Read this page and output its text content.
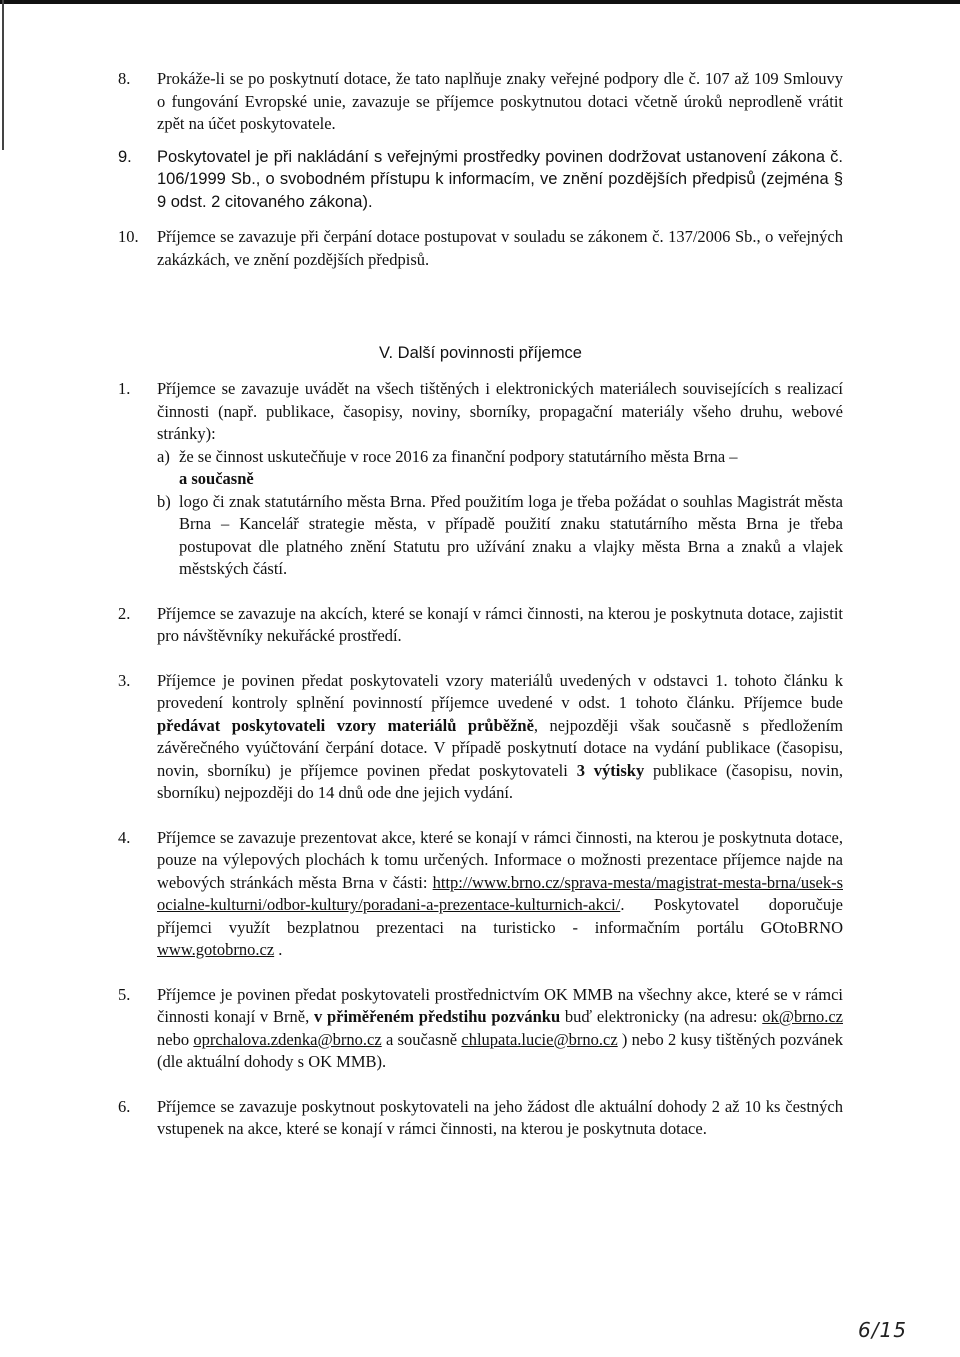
8.	Prokáže-li se po poskytnutí dotace, že tato naplňuje znaky veřejné podpory dle č. 107 až 109 Smlouvy o fungování Evropské unie, zavazuje se příjemce poskytnutou dotaci včetně úroků neprodleně vrátit zpět na účet poskytovatele.
9.	Poskytovatel je při nakládání s veřejnými prostředky povinen dodržovat ustanovení zákona č. 106/1999 Sb., o svobodném přístupu k informacím, ve znění pozdějších předpisů (zejména § 9 odst. 2 citovaného zákona).
10.	Příjemce se zavazuje při čerpání dotace postupovat v souladu se zákonem č. 137/2006 Sb., o veřejných zakázkách, ve znění pozdějších předpisů.
V. Další povinnosti příjemce
1.	Příjemce se zavazuje uvádět na všech tištěných i elektronických materiálech souvisejících s realizací činnosti (např. publikace, časopisy, noviny, sborníky, propagační materiály všeho druhu, webové stránky):
a) že se činnost uskutečňuje v roce 2016 za finanční podpory statutárního města Brna –
a současně
b) logo či znak statutárního města Brna. Před použitím loga je třeba požádat o souhlas Magistrát města Brna – Kancelář strategie města, v případě použití znaku statutárního města Brna je třeba postupovat dle platného znění Statutu pro užívání znaku a vlajky města Brna a znaků a vlajek městských částí.
2.	Příjemce se zavazuje na akcích, které se konají v rámci činnosti, na kterou je poskytnuta dotace, zajistit pro návštěvníky nekuřácké prostředí.
3.	Příjemce je povinen předat poskytovateli vzory materiálů uvedených v odstavci 1. tohoto článku k provedení kontroly splnění povinností příjemce uvedené v odst. 1 tohoto článku. Příjemce bude předávat poskytovateli vzory materiálů průběžně, nejpozději však současně s předložením závěrečného vyúčtování čerpání dotace. V případě poskytnutí dotace na vydání publikace (časopisu, novin, sborníku) je příjemce povinen předat poskytovateli 3 výtisky publikace (časopisu, novin, sborníku) nejpozději do 14 dnů ode dne jejich vydání.
4.	Příjemce se zavazuje prezentovat akce, které se konají v rámci činnosti, na kterou je poskytnuta dotace, pouze na výlepových plochách k tomu určených. Informace o možnosti prezentace příjemce najde na webových stránkách města Brna v části: http://www.brno.cz/sprava-mesta/magistrat-mesta-brna/usek-socialne-kulturni/odbor-kultury/poradani-a-prezentace-kulturnich-akci/. Poskytovatel doporučuje příjemci využít bezplatnou prezentaci na turisticko - informačním portálu GOtoBRNO www.gotobrno.cz .
5.	Příjemce je povinen předat poskytovateli prostřednictvím OK MMB na všechny akce, které se v rámci činnosti konají v Brně, v přiměřeném předstihu pozvánku buď elektronicky (na adresu: ok@brno.cz nebo oprchalova.zdenka@brno.cz a současně chlupata.lucie@brno.cz ) nebo 2 kusy tištěných pozvánek (dle aktuální dohody s OK MMB).
6.	Příjemce se zavazuje poskytnout poskytovateli na jeho žádost dle aktuální dohody 2 až 10 ks čestných vstupenek na akce, které se konají v rámci činnosti, na kterou je poskytnuta dotace.
6/15
